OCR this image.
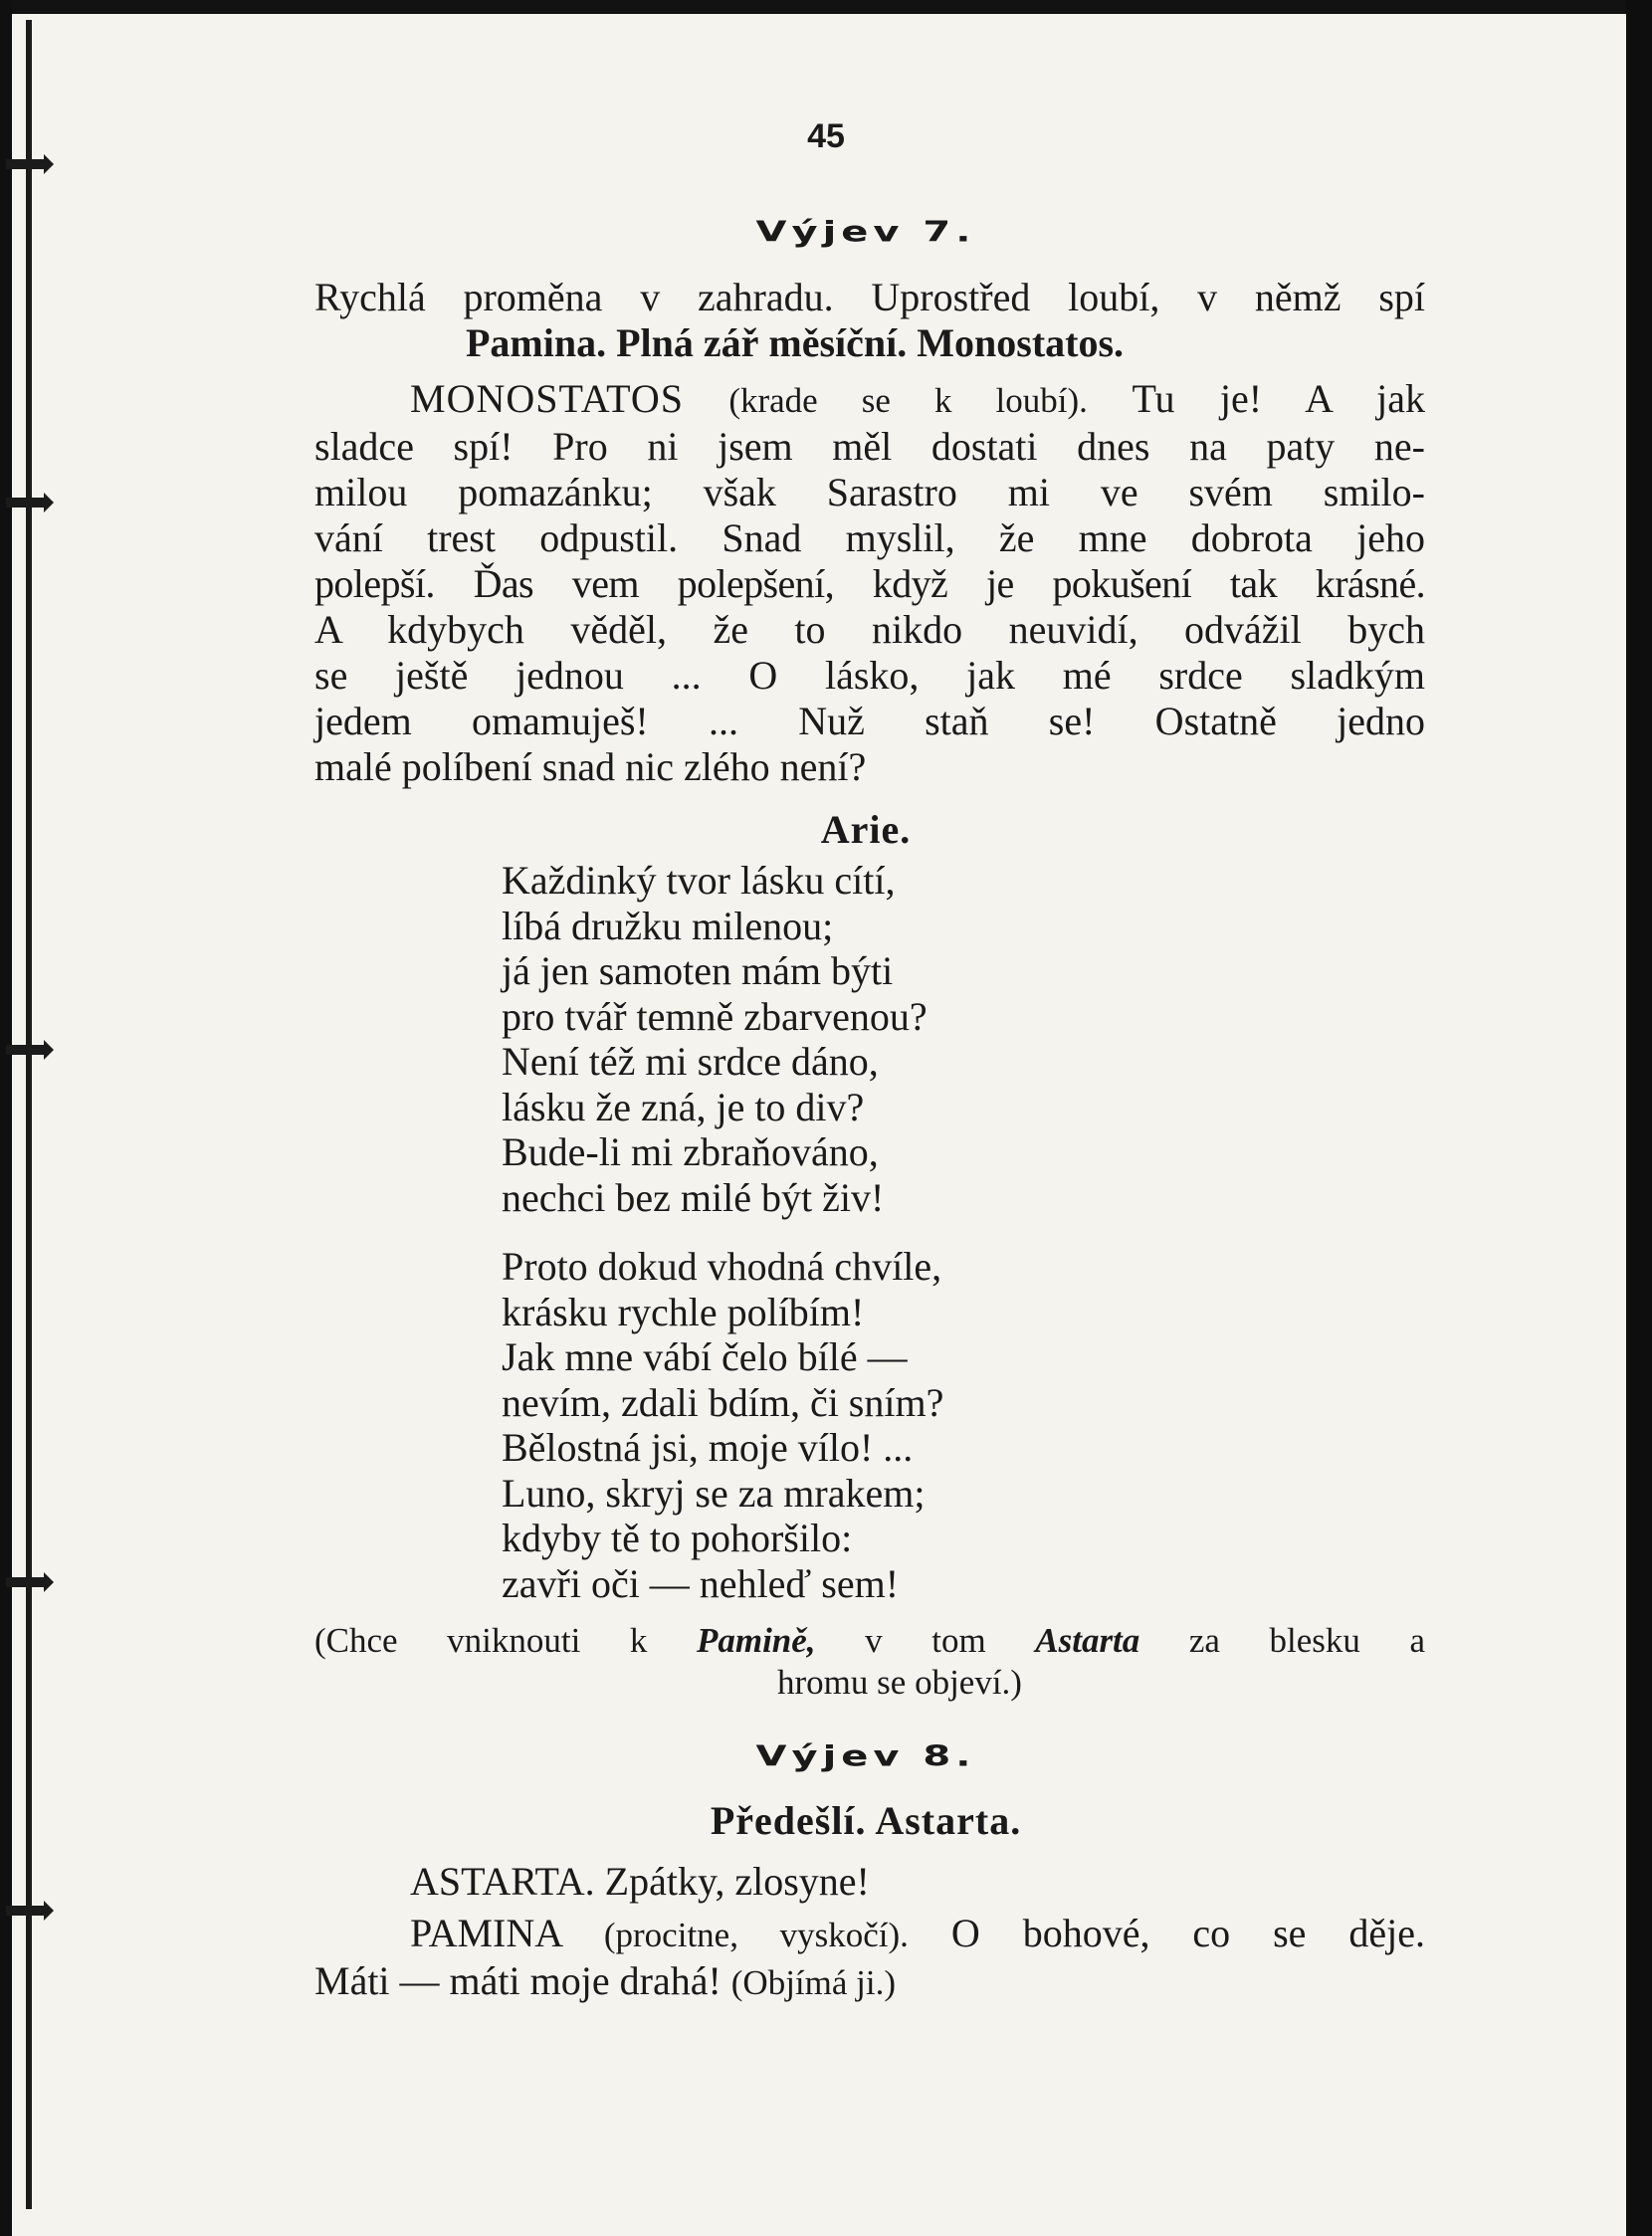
45
Výjev 7.
Rychlá proměna v zahradu. Uprostřed loubí, v němž spí
Pamina. Plná zář měsíční. Monostatos.
MONOSTATOS (krade se k loubí). Tu je! A jak
sladce spí! Pro ni jsem měl dostati dnes na paty ne-
milou pomazánku; však Sarastro mi ve svém smilo-
vání trest odpustil. Snad myslil, že mne dobrota jeho
polepší. Ďas vem polepšení, když je pokušení tak krásné.
A kdybych věděl, že to nikdo neuvidí, odvážil bych
se ještě jednou ... O lásko, jak mé srdce sladkým
jedem omamuješ! ... Nuž staň se! Ostatně jedno
malé políbení snad nic zlého není?
Arie.
Každinký tvor lásku cítí,
líbá družku milenou;
já jen samoten mám býti
pro tvář temně zbarvenou?
Není též mi srdce dáno,
lásku že zná, je to div?
Bude-li mi zbraňováno,
nechci bez milé být živ!
Proto dokud vhodná chvíle,
krásku rychle políbím!
Jak mne vábí čelo bílé —
nevím, zdali bdím, či sním?
Bělostná jsi, moje vílo! ...
Luno, skryj se za mrakem;
kdyby tě to pohoršilo:
zavři oči — nehleď sem!
(Chce vniknouti k Pamině, v tom Astarta za blesku a
hromu se objeví.)
Výjev 8.
Předešlí. Astarta.
ASTARTA. Zpátky, zlosyne!
PAMINA (procitne, vyskočí). O bohové, co se děje.
Máti — máti moje drahá! (Objímá ji.)
